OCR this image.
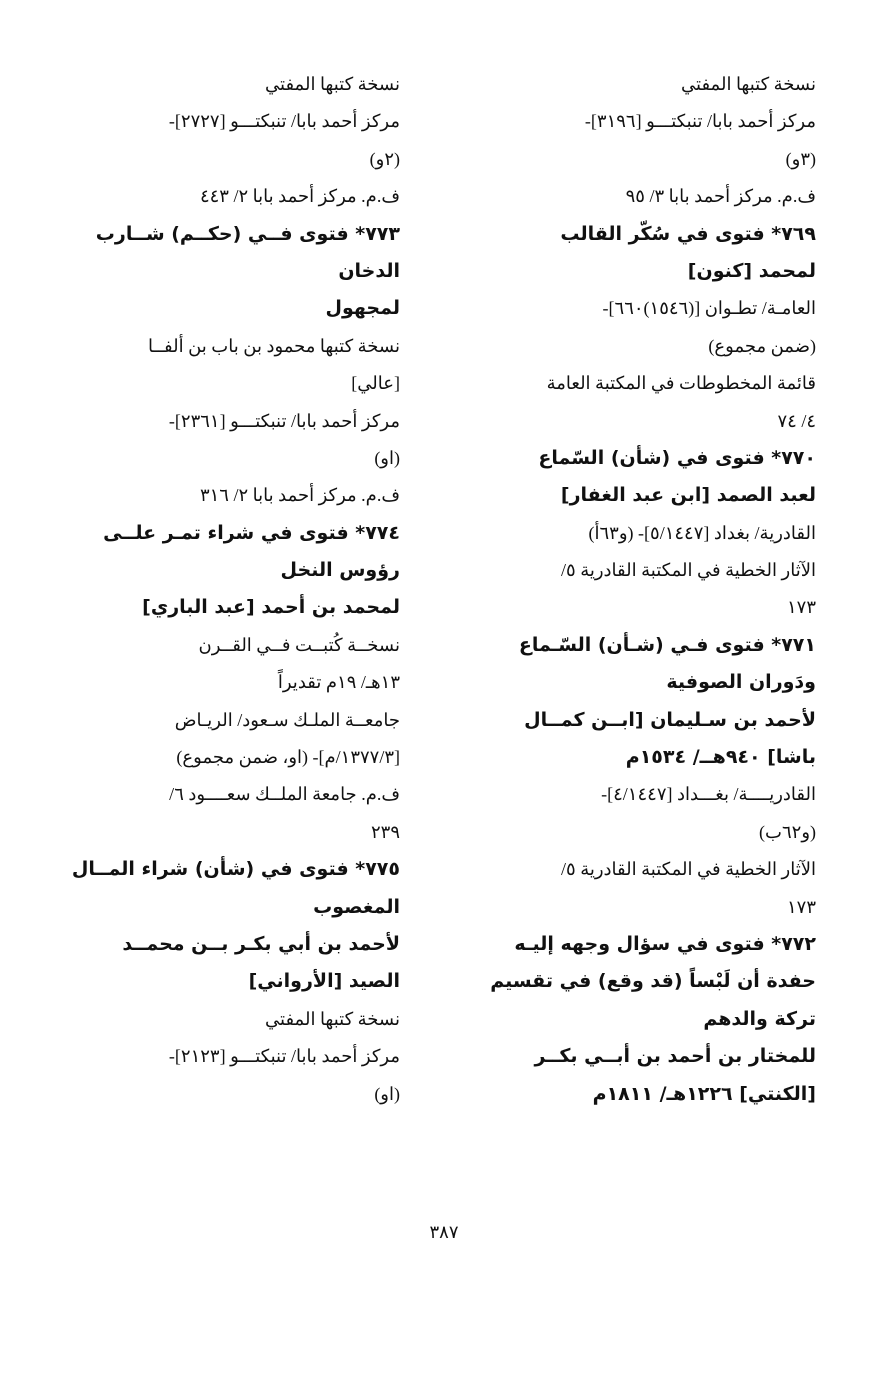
نسخة كتبها المفتي
مركز أحمد بابا/ تنبكتـــو [٣١٩٦]-
(٣و)
ف.م. مركز أحمد بابا ٣/ ٩٥
٧٦٩* فتوى في سُكّر القالب
لمحمد [كنون]
العامـة/ تطـوان [(١٥٤٦)٦٦٠]-
(ضمن مجموع)
قائمة المخطوطات في المكتبة العامة
٤/ ٧٤
٧٧٠* فتوى في (شأن) السّماع
لعبد الصمد [ابن عبد الغفار]
القادرية/ بغداد [٥/١٤٤٧]- (و٦٣أ)
الآثار الخطية في المكتبة القادرية ٥/
١٧٣
٧٧١* فتوى فـي (شـأن) السّـماع
ودَوران الصوفية
لأحمد بن سـليمان [ابــن كمــال
باشا] ٩٤٠هــ/ ١٥٣٤م
القادريــــة/ بغـــداد [٤/١٤٤٧]-
(و٦٢ب)
الآثار الخطية في المكتبة القادرية ٥/
١٧٣
٧٧٢* فتوى في سؤال وجهه إليـه
حفدة أن لَبْساً (قد وقع) في تقسيم
تركة والدهم
للمختار بن أحمد بن أبــي بكــر
[الكنتي] ١٢٢٦هـ/ ١٨١١م
نسخة كتبها المفتي
مركز أحمد بابا/ تنبكتـــو [٢٧٢٧]-
(٢و)
ف.م. مركز أحمد بابا ٢/ ٤٤٣
٧٧٣* فتوى فــي (حكــم) شــارب
الدخان
لمجهول
نسخة كتبها محمود بن باب بن ألفــا
[عالي]
مركز أحمد بابا/ تنبكتـــو [٢٣٦١]-
(او)
ف.م. مركز أحمد بابا ٢/ ٣١٦
٧٧٤* فتوى في شراء تمـر علــى
رؤوس النخل
لمحمد بن أحمد [عبد الباري]
نسخــة كُتبــت فــي القــرن
١٣هـ/ ١٩م تقديراً
جامعــة الملـك سـعود/ الريـاض
[١٣٧٧/٣/م]- (او، ضمن مجموع)
ف.م. جامعة الملــك سعــــود ٦/
٢٣٩
٧٧٥* فتوى في (شأن) شراء المــال
المغصوب
لأحمد بن أبي بكـر بــن محمــد
الصيد [الأرواني]
نسخة كتبها المفتي
مركز أحمد بابا/ تنبكتـــو [٢١٢٣]-
(او)
٣٨٧
